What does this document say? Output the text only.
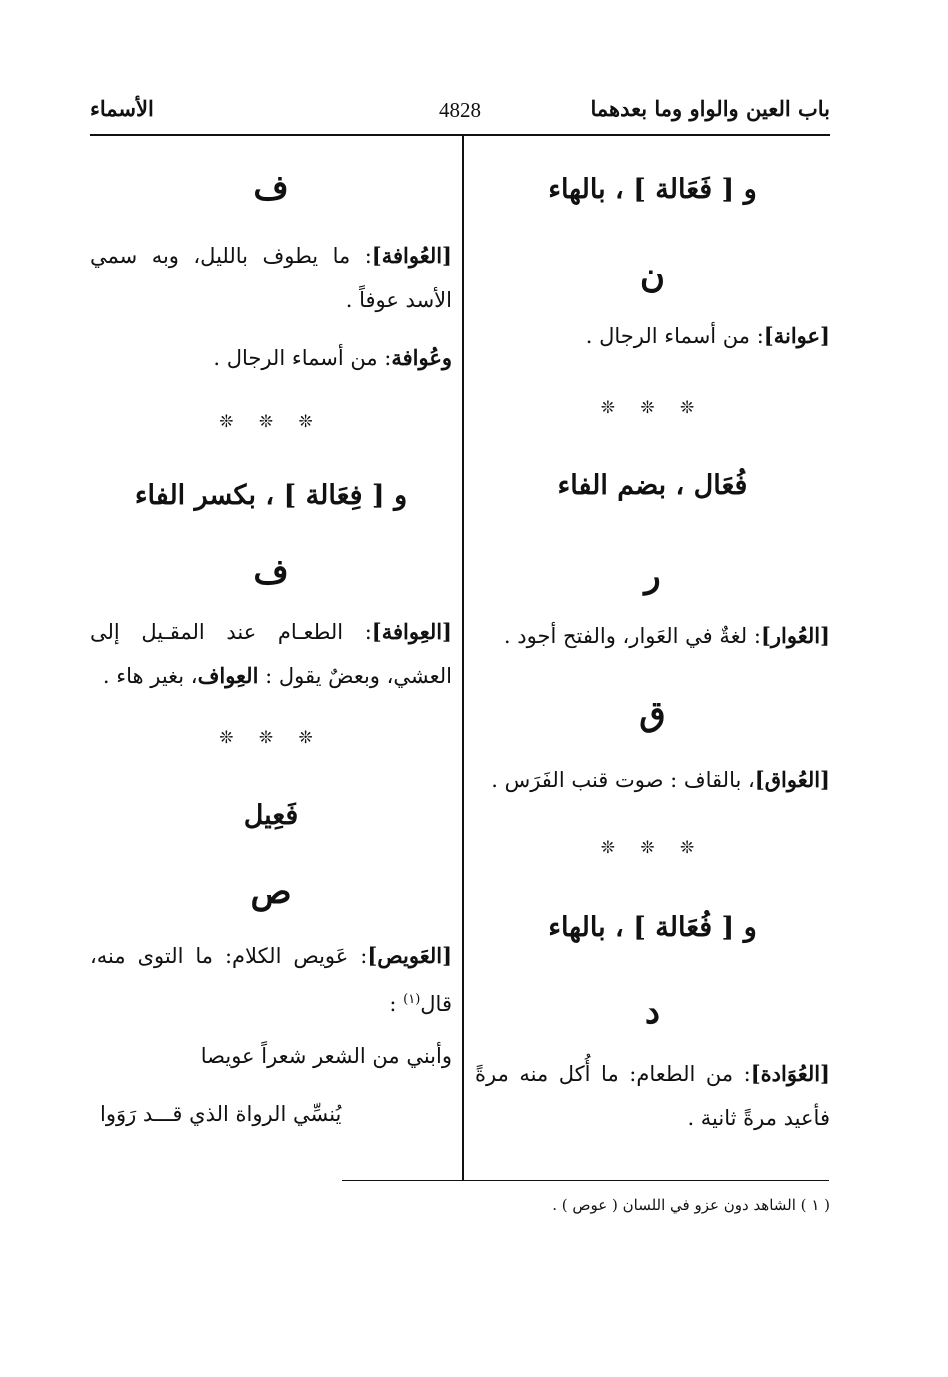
باب العين والواو وما بعدهما
4828
الأسماء
و [ فَعَالة ] ، بالهاء
ن
[عوانة]: من أسماء الرجال .
❊ ❊ ❊
فُعَال ، بضم الفاء
ر
[العُوار]: لغةٌ في العَوار، والفتح أجود .
ق
[العُواق]، بالقاف : صوت قنب الفَرَس .
❊ ❊ ❊
و [ فُعَالة ] ، بالهاء
د
[العُوَادة]: من الطعام: ما أُكل منه مرةً فأعيد مرةً ثانية .
ف
[العُوافة]: ما يطوف بالليل، وبه سمي الأسد عوفاً .
وعُوافة: من أسماء الرجال .
❊ ❊ ❊
و [ فِعَالة ] ، بكسر الفاء
ف
[العِوافة]: الطعـام عند المقـيل إلى العشي، وبعضٌ يقول : العِواف، بغير هاء .
❊ ❊ ❊
فَعِيل
ص
[العَويص]: عَويص الكلام: ما التوى منه، قال$^{(١)}$ :
وأبني من الشعر شعراً عويصا
يُنسِّي الرواة الذي قـــد رَوَوا
( ١ ) الشاهد دون عزو في اللسان ( عوص ) .
